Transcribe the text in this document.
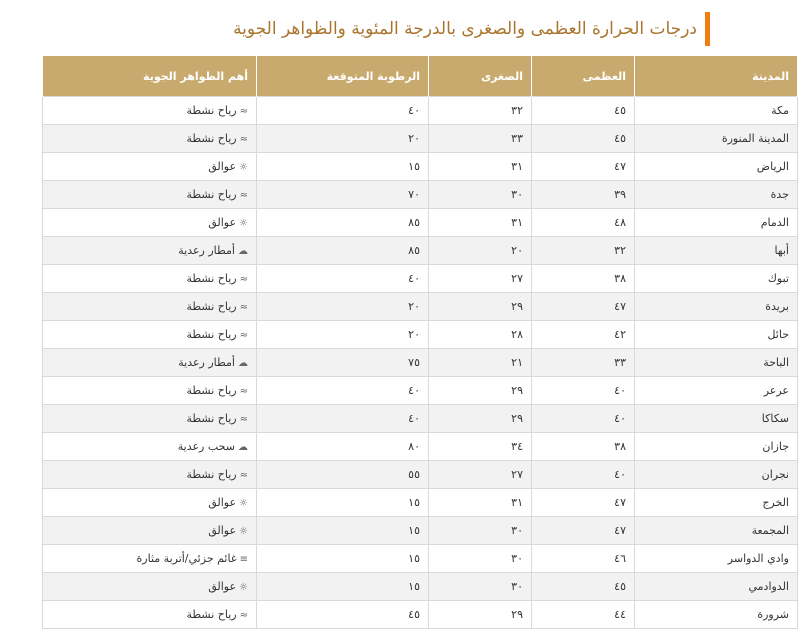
درجات الحرارة العظمى والصغرى بالدرجة المئوية والظواهر الجوية
المدينة	العظمى	الصغرى	الرطوبة المتوقعة	أهم الظواهر الجوية
مكة	٤٥	٣٢	٤٠	≈رياح نشطة
المدينة المنورة	٤٥	٣٣	٢٠	≈رياح نشطة
الرياض	٤٧	٣١	١٥	☼عوالق
جدة	٣٩	٣٠	٧٠	≈رياح نشطة
الدمام	٤٨	٣١	٨٥	☼عوالق
أبها	٣٢	٢٠	٨٥	☁أمطار رعدية
تبوك	٣٨	٢٧	٤٠	≈رياح نشطة
بريدة	٤٧	٢٩	٢٠	≈رياح نشطة
حائل	٤٢	٢٨	٢٠	≈رياح نشطة
الباحة	٣٣	٢١	٧٥	☁أمطار رعدية
عرعر	٤٠	٢٩	٤٠	≈رياح نشطة
سكاكا	٤٠	٢٩	٤٠	≈رياح نشطة
جازان	٣٨	٣٤	٨٠	☁سحب رعدية
نجران	٤٠	٢٧	٥٥	≈رياح نشطة
الخرج	٤٧	٣١	١٥	☼عوالق
المجمعة	٤٧	٣٠	١٥	☼عوالق
وادي الدواسر	٤٦	٣٠	١٥	≡غائم جزئي/أتربة مثارة
الدوادمي	٤٥	٣٠	١٥	☼عوالق
شرورة	٤٤	٢٩	٤٥	≈رياح نشطة
